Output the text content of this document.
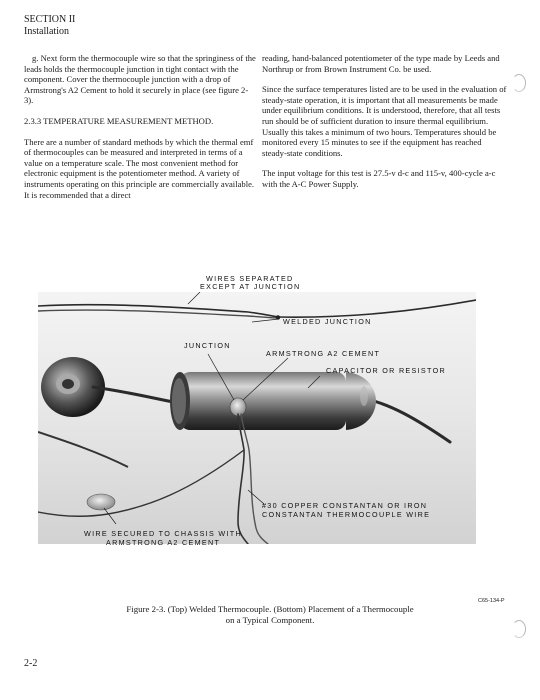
SECTION II
Installation

g. Next form the thermocouple wire so that the springiness of the leads holds the thermocouple junction in tight contact with the component. Cover the thermocouple junction with a drop of Armstrong's A2 Cement to hold it securely in place (see figure 2-3).

2.3.3 TEMPERATURE MEASUREMENT METHOD.

There are a number of standard methods by which the thermal emf of thermocouples can be measured and interpreted in terms of a value on a temperature scale. The most convenient method for electronic equipment is the potentiometer method. A variety of instruments operating on this principle are commercially available. It is recommended that a direct

reading, hand-balanced potentiometer of the type made by Leeds and Northrup or from Brown Instrument Co. be used.

Since the surface temperatures listed are to be used in the evaluation of steady-state operation, it is important that all measurements be made under equilibrium conditions. It is understood, therefore, that all tests run should be of sufficient duration to insure thermal equilibrium. Usually this takes a minimum of two hours. Temperatures should be monitored every 15 minutes to see if the equipment has reached steady-state conditions.

The input voltage for this test is 27.5-v d-c and 115-v, 400-cycle a-c with the A-C Power Supply.

WIRES SEPARATED
EXCEPT AT JUNCTION
WELDED JUNCTION
JUNCTION
ARMSTRONG A2 CEMENT
CAPACITOR OR RESISTOR
#30 COPPER CONSTANTAN OR IRON
CONSTANTAN THERMOCOUPLE WIRE
WIRE SECURED TO CHASSIS WITH
ARMSTRONG A2 CEMENT
C65-134-P
Figure 2-3. (Top) Welded Thermocouple. (Bottom) Placement of a Thermocouple
on a Typical Component.
2-2
